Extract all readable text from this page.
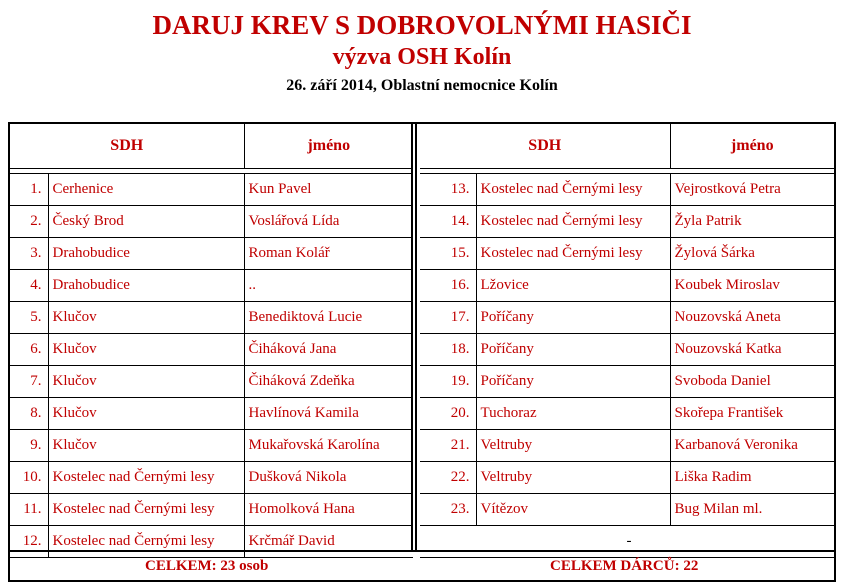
DARUJ KREV S DOBROVOLNÝMI HASIČI
výzva OSH Kolín
26. září 2014, Oblastní nemocnice Kolín
SDH		jméno

1.	Cerhenice	Kun Pavel
2.	Český Brod	Voslářová Lída
3.	Drahobudice	Roman Kolář
4.	Drahobudice	..
5.	Klučov	Benediktová Lucie
6.	Klučov	Čiháková Jana
7.	Klučov	Čiháková Zdeňka
8.	Klučov	Havlínová Kamila
9.	Klučov	Mukařovská Karolína
10.	Kostelec nad Černými lesy	Dušková Nikola
11.	Kostelec nad Černými lesy	Homolková Hana
12.	Kostelec nad Černými lesy	Krčmář David
SDH		jméno

13.	Kostelec nad Černými lesy	Vejrostková Petra
14.	Kostelec nad Černými lesy	Žyla Patrik
15.	Kostelec nad Černými lesy	Žylová Šárka
16.	Lžovice	Koubek Miroslav
17.	Poříčany	Nouzovská Aneta
18.	Poříčany	Nouzovská Katka
19.	Poříčany	Svoboda Daniel
20.	Tuchoraz	Skořepa František
21.	Veltruby	Karbanová Veronika
22.	Veltruby	Liška Radim
23.	Vítězov	Bug Milan ml.
-		
CELKEM: 23 osob	CELKEM DÁRCŮ: 22
